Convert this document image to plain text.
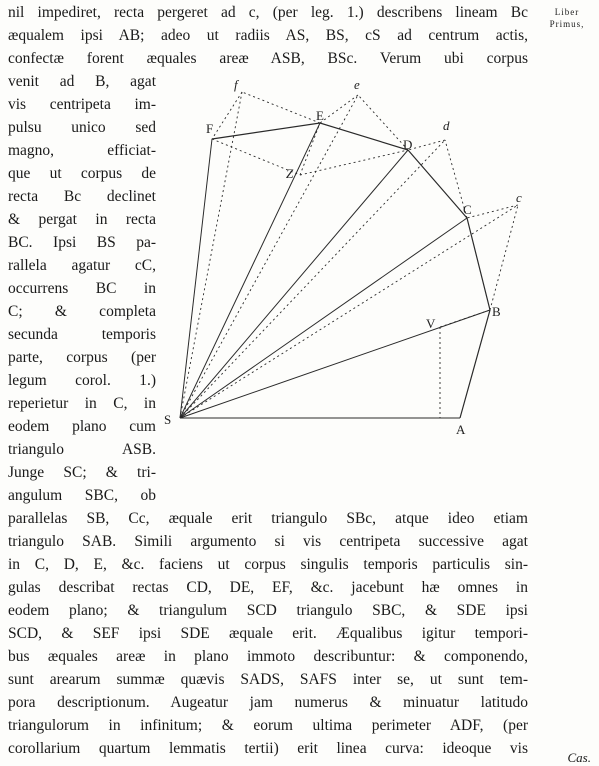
Liber
Primus,
nil impediret, recta pergeret ad c, (per leg. 1.) describens lineam Bc
æqualem ipsi AB; adeo ut radiis AS, BS, cS ad centrum actis,
confectæ forent æquales areæ ASB, BSc. Verum ubi corpus
venit ad B, agat
vis centripeta im-
pulsu unico sed
magno, efficiat-
que ut corpus de
recta Bc declinet
& pergat in recta
BC. Ipsi BS pa-
rallela agatur cC,
occurrens BC in
C; & completa
secunda temporis
parte, corpus (per
legum corol. 1.)
reperietur in C, in
eodem plano cum
triangulo ASB.
Junge SC; & tri-
angulum SBC, ob
parallelas SB, Cc, æquale erit triangulo SBc, atque ideo etiam
triangulo SAB. Simili argumento si vis centripeta successive agat
in C, D, E, &c. faciens ut corpus singulis temporis particulis sin-
gulas describat rectas CD, DE, EF, &c. jacebunt hæ omnes in
eodem plano; & triangulum SCD triangulo SBC, & SDE ipsi
SCD, & SEF ipsi SDE æquale erit. Æqualibus igitur tempori-
bus æquales areæ in plano immoto describuntur: & componendo,
sunt arearum summæ quævis SADS, SAFS inter se, ut sunt tem-
pora descriptionum. Augeatur jam numerus & minuatur latitudo
triangulorum in infinitum; & eorum ultima perimeter ADF, (per
corollarium quartum lemmatis tertii) erit linea curva: ideoque vis
Cas.
S
A
B
V
C
c
D
d
E
e
F
f
Z
